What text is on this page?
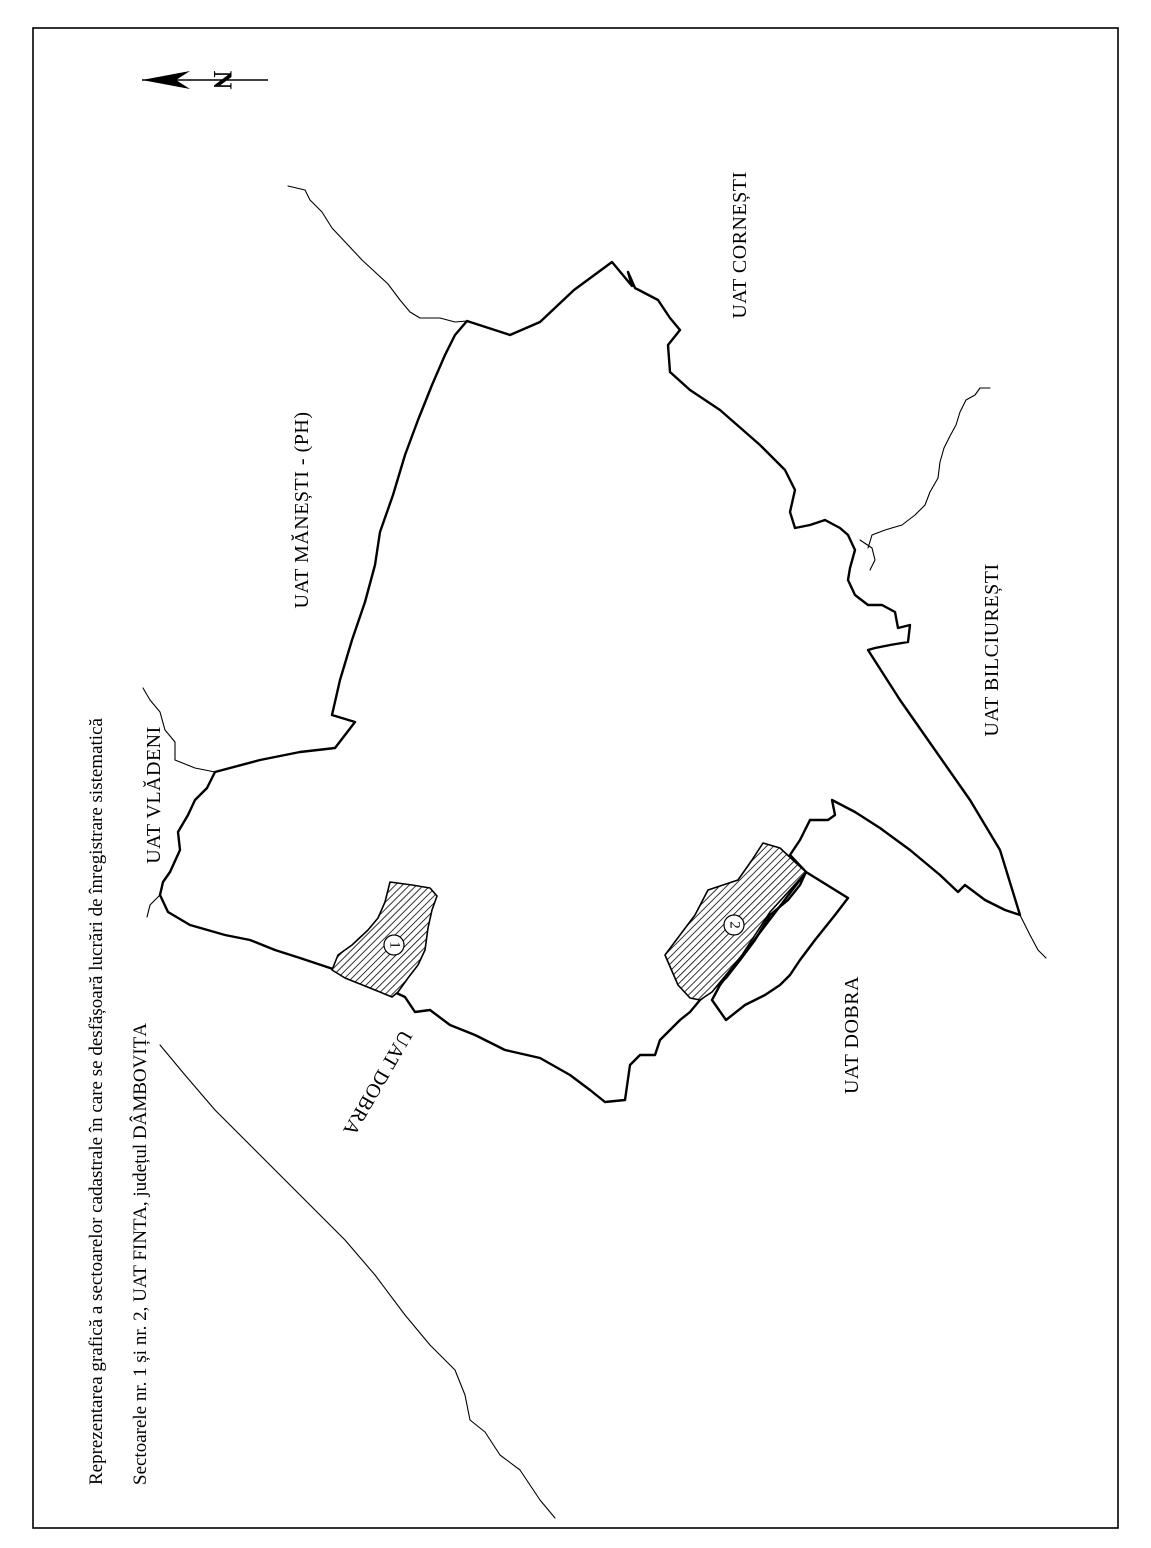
N
Reprezentarea grafică a sectoarelor cadastrale în care se desfășoară lucrări de înregistrare sistematică Sectoarele nr. 1 și nr. 2, UAT FINTA, județul DÂMBOVIȚA
1
2
UAT CORNEȘTI
UAT MĂNEȘTI - (PH)
UAT VLĂDENI
UAT BILCIUREȘTI
UAT DOBRA
UAT DOBRA
